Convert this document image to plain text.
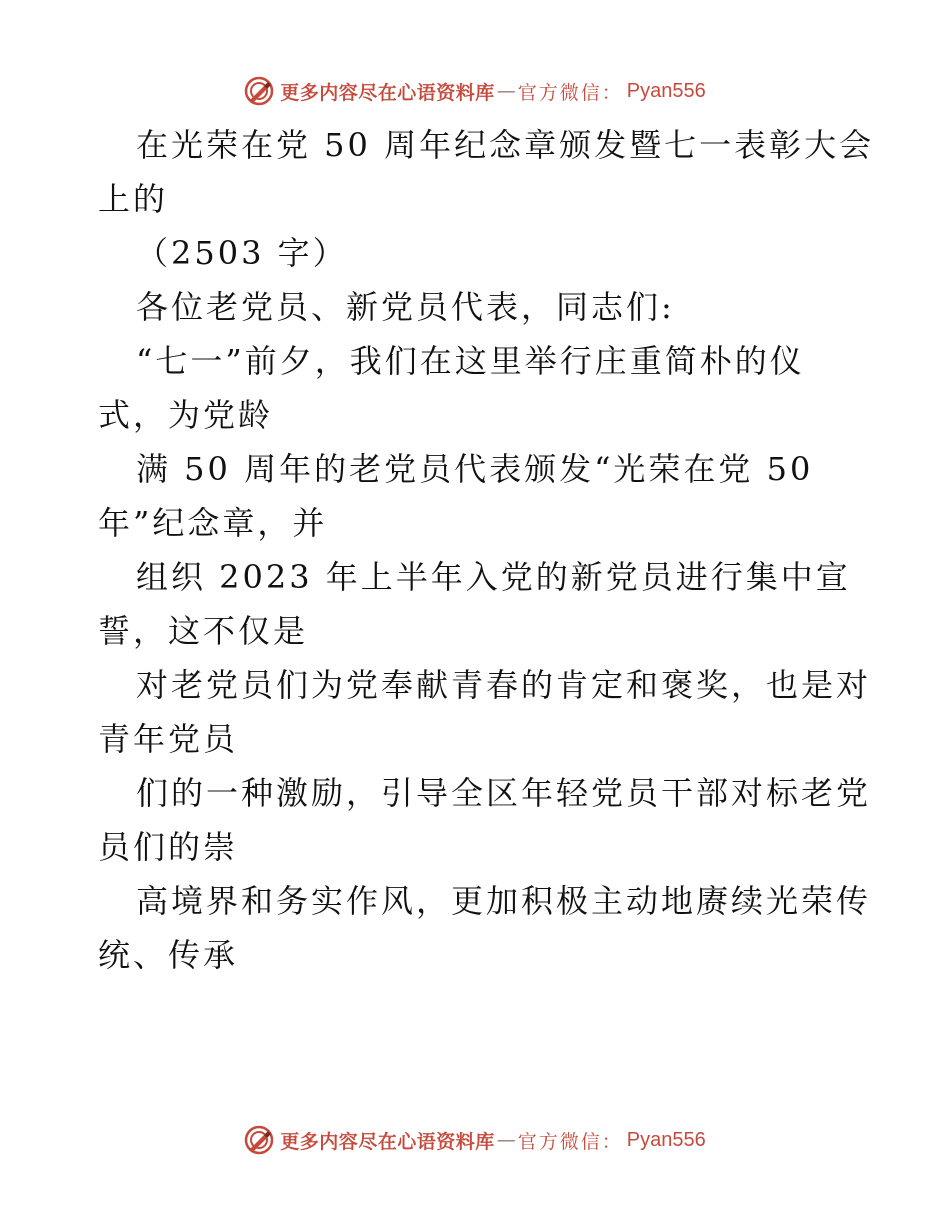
更多内容尽在心语资料库 — 官方微信： Pyan556
在光荣在党 50 周年纪念章颁发暨七一表彰大会
上的
（2503 字）
各位老党员、新党员代表，同志们:
“七一”前夕，我们在这里举行庄重简朴的仪
式，为党龄
满 50 周年的老党员代表颁发“光荣在党 50
年”纪念章，并
组织 2023 年上半年入党的新党员进行集中宣
誓，这不仅是
对老党员们为党奉献青春的肯定和褒奖，也是对
青年党员
们的一种激励，引导全区年轻党员干部对标老党
员们的崇
高境界和务实作风，更加积极主动地赓续光荣传
统、传承
更多内容尽在心语资料库 — 官方微信： Pyan556
